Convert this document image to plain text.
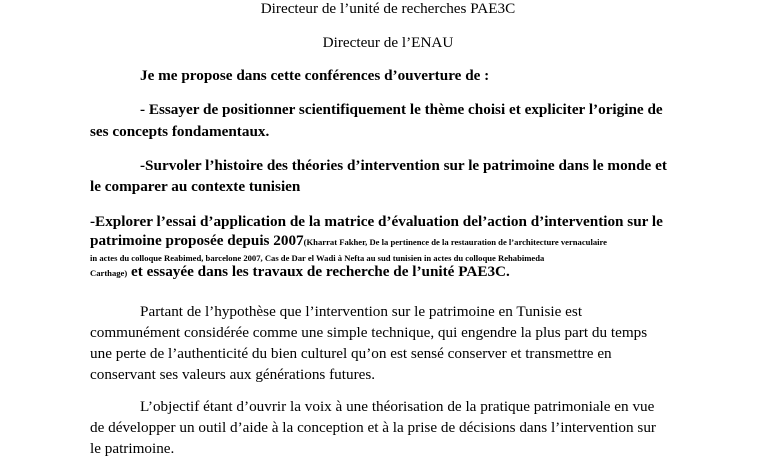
Directeur de l’unité de recherches PAE3C
Directeur de l’ENAU
Je me propose dans cette conférences d’ouverture de :
- Essayer de positionner scientifiquement le thème choisi et expliciter l’origine de
ses concepts fondamentaux.
-Survoler l’histoire des théories d’intervention sur le patrimoine dans le monde et
le comparer au contexte tunisien
-Explorer l’essai d’application de la matrice d’évaluation del’action d’intervention sur le
patrimoine proposée depuis 2007(Kharrat Fakher, De la pertinence de la restauration de l’architecture vernaculaire
in actes du colloque Reabimed, barcelone 2007, Cas de Dar el Wadi à Nefta au sud tunisien in actes du colloque Rehabimeda
Carthage) et essayée dans les travaux de recherche de l’unité PAE3C.
Partant de l’hypothèse que l’intervention sur le patrimoine en Tunisie est
communément considérée comme une simple technique, qui engendre la plus part du temps
une perte de l’authenticité du bien culturel qu’on est sensé conserver et transmettre en
conservant ses valeurs aux générations futures.
L’objectif étant d’ouvrir la voix à une théorisation de la pratique patrimoniale en vue
de développer un outil d’aide à la conception et à la prise de décisions dans l’intervention sur
le patrimoine.
